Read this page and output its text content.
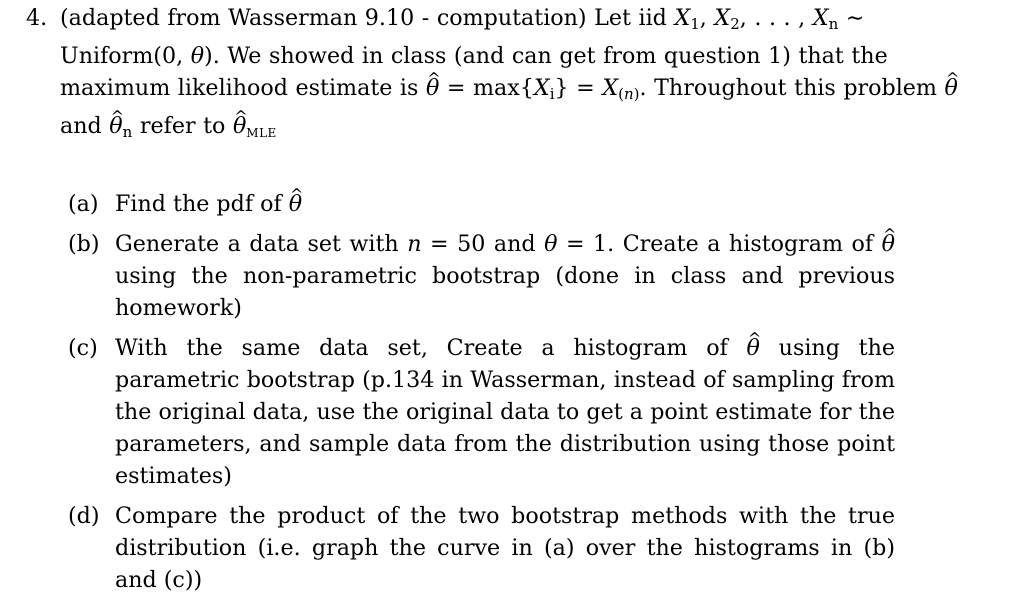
4. (adapted from Wasserman 9.10 - computation) Let iid $X_1$, $X_2$, . . . , $X_n$ ∼ Uniform(0, θ). We showed in class (and can get from question 1) that the maximum likelihood estimate is ^ $\theta = \max\{X_i\} = X_{(n)}$. Throughout this problem ^ θ and ^ $\theta_n$ refer to ^ θMLE
(a) Find the pdf of ^ θ
(b) Generate a data set with n = 50 and θ = 1. Create a histogram of ^ θ using the non-parametric bootstrap (done in class and previous homework)
(c) With the same data set, Create a histogram of ^ θ using the parametric bootstrap (p.134 in Wasserman, instead of sampling from the original data, use the original data to get a point estimate for the parameters, and sample data from the distribution using those point estimates)
(d) Compare the product of the two bootstrap methods with the true distribution (i.e. graph the curve in (a) over the histograms in (b) and (c))
